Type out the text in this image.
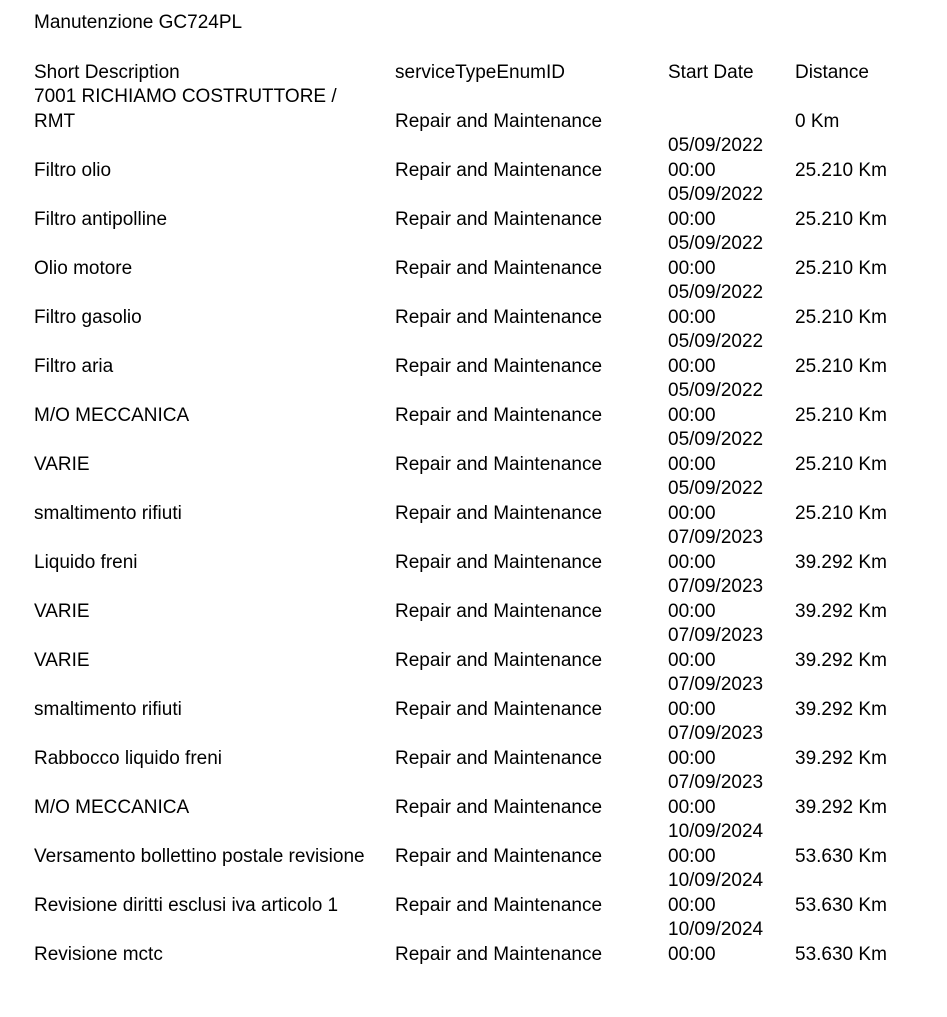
Manutenzione GC724PL
Short Description	serviceTypeEnumID	Start Date	Distance

7001 RICHIAMO COSTRUTTORE /
RMT	Repair and Maintenance		0 Km

Filtro olio	Repair and Maintenance	05/09/2022
00:00	25.210 Km

Filtro antipolline	Repair and Maintenance	05/09/2022
00:00	25.210 Km

Olio motore	Repair and Maintenance	05/09/2022
00:00	25.210 Km

Filtro gasolio	Repair and Maintenance	05/09/2022
00:00	25.210 Km

Filtro aria	Repair and Maintenance	05/09/2022
00:00	25.210 Km

M/O MECCANICA	Repair and Maintenance	05/09/2022
00:00	25.210 Km

VARIE	Repair and Maintenance	05/09/2022
00:00	25.210 Km

smaltimento rifiuti	Repair and Maintenance	05/09/2022
00:00	25.210 Km

Liquido freni	Repair and Maintenance	07/09/2023
00:00	39.292 Km

VARIE	Repair and Maintenance	07/09/2023
00:00	39.292 Km

VARIE	Repair and Maintenance	07/09/2023
00:00	39.292 Km

smaltimento rifiuti	Repair and Maintenance	07/09/2023
00:00	39.292 Km

Rabbocco liquido freni	Repair and Maintenance	07/09/2023
00:00	39.292 Km

M/O MECCANICA	Repair and Maintenance	07/09/2023
00:00	39.292 Km

Versamento bollettino postale revisione	Repair and Maintenance	10/09/2024
00:00	53.630 Km

Revisione diritti esclusi iva articolo 1	Repair and Maintenance	10/09/2024
00:00	53.630 Km

Revisione mctc	Repair and Maintenance	10/09/2024
00:00	53.630 Km
